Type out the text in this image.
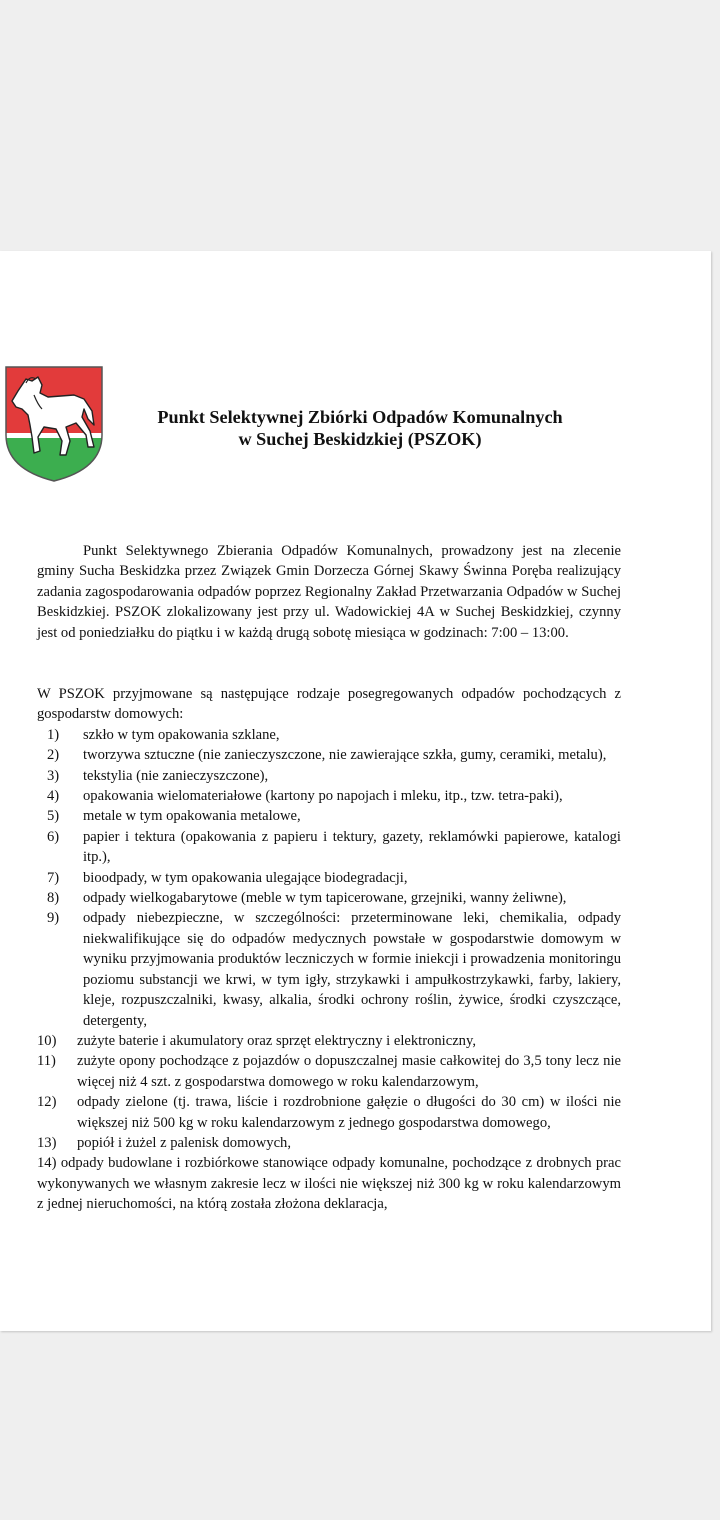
Punkt Selektywnej Zbiórki Odpadów Komunalnych
w Suchej Beskidzkiej (PSZOK)

Punkt Selektywnego Zbierania Odpadów Komunalnych, prowadzony jest na zlecenie gminy Sucha Beskidzka przez Związek Gmin Dorzecza Górnej Skawy Świnna Poręba realizujący zadania zagospodarowania odpadów poprzez Regionalny Zakład Przetwarzania Odpadów w Suchej Beskidzkiej. PSZOK zlokalizowany jest przy ul. Wadowickiej 4A w Suchej Beskidzkiej, czynny jest od poniedziałku do piątku i w każdą drugą sobotę miesiąca w godzinach: 7:00 – 13:00.

W PSZOK przyjmowane są następujące rodzaje posegregowanych odpadów pochodzących z gospodarstw domowych:

1) szkło w tym opakowania szklane,
2) tworzywa sztuczne (nie zanieczyszczone, nie zawierające szkła, gumy, ceramiki, metalu),
3) tekstylia (nie zanieczyszczone),
4) opakowania wielomateriałowe (kartony po napojach i mleku, itp., tzw. tetra-paki),
5) metale w tym opakowania metalowe,
6) papier i tektura (opakowania z papieru i tektury, gazety, reklamówki papierowe, katalogi itp.),
7) bioodpady, w tym opakowania ulegające biodegradacji,
8) odpady wielkogabarytowe (meble w tym tapicerowane, grzejniki, wanny żeliwne),
9) odpady niebezpieczne, w szczególności: przeterminowane leki, chemikalia, odpady niekwalifikujące się do odpadów medycznych powstałe w gospodarstwie domowym w wyniku przyjmowania produktów leczniczych w formie iniekcji i prowadzenia monitoringu poziomu substancji we krwi, w tym igły, strzykawki i ampułkostrzykawki, farby, lakiery, kleje, rozpuszczalniki, kwasy, alkalia, środki ochrony roślin, żywice, środki czyszczące, detergenty,
10) zużyte baterie i akumulatory oraz sprzęt elektryczny i elektroniczny,
11) zużyte opony pochodzące z pojazdów o dopuszczalnej masie całkowitej do 3,5 tony lecz nie więcej niż 4 szt. z gospodarstwa domowego w roku kalendarzowym,
12) odpady zielone (tj. trawa, liście i rozdrobnione gałęzie o długości do 30 cm) w ilości nie większej niż 500 kg w roku kalendarzowym z jednego gospodarstwa domowego,
13) popiół i żużel z palenisk domowych,
14) odpady budowlane i rozbiórkowe stanowiące odpady komunalne, pochodzące z drobnych prac wykonywanych we własnym zakresie lecz w ilości nie większej niż 300 kg w roku kalendarzowym z jednej nieruchomości, na którą została złożona deklaracja,
